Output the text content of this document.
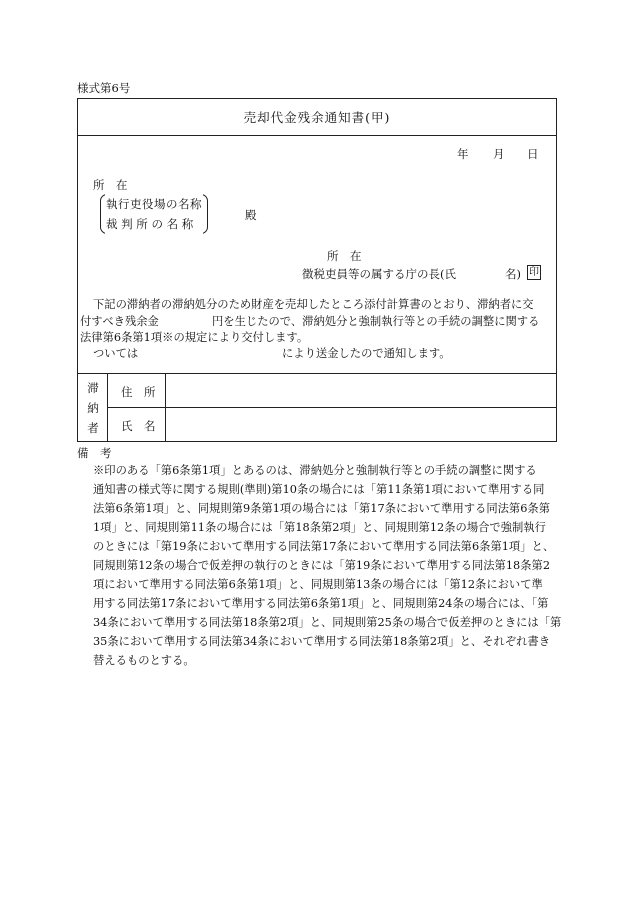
様式第6号
売却代金残余通知書(甲)
年 月 日
所　在
執行吏役場の名称
裁 判 所 の 名 称
殿
所　在
徴税吏員等の属する庁の長(氏	名) 印
下記の滞納者の滞納処分のため財産を売却したところ添付計算書のとおり、滞納者に交
付すべき残余金	円を生じたので、滞納処分と強制執行等との手続の調整に関する
法律第6条第1項※の規定により交付します。
ついては	により送金したので通知します。
滞
納
者
住　所
氏　名
備　考
※印のある「第6条第1項」とあるのは、滞納処分と強制執行等との手続の調整に関する
通知書の様式等に関する規則(準則)第10条の場合には「第11条第1項において準用する同
法第6条第1項」と、同規則第9条第1項の場合には「第17条において準用する同法第6条第
1項」と、同規則第11条の場合には「第18条第2項」と、同規則第12条の場合で強制執行
のときには「第19条において準用する同法第17条において準用する同法第6条第1項」と、
同規則第12条の場合で仮差押の執行のときには「第19条において準用する同法第18条第2
項において準用する同法第6条第1項」と、同規則第13条の場合には「第12条において準
用する同法第17条において準用する同法第6条第1項」と、同規則第24条の場合には、「第
34条において準用する同法第18条第2項」と、同規則第25条の場合で仮差押のときには「第
35条において準用する同法第34条において準用する同法第18条第2項」と、それぞれ書き
替えるものとする。
